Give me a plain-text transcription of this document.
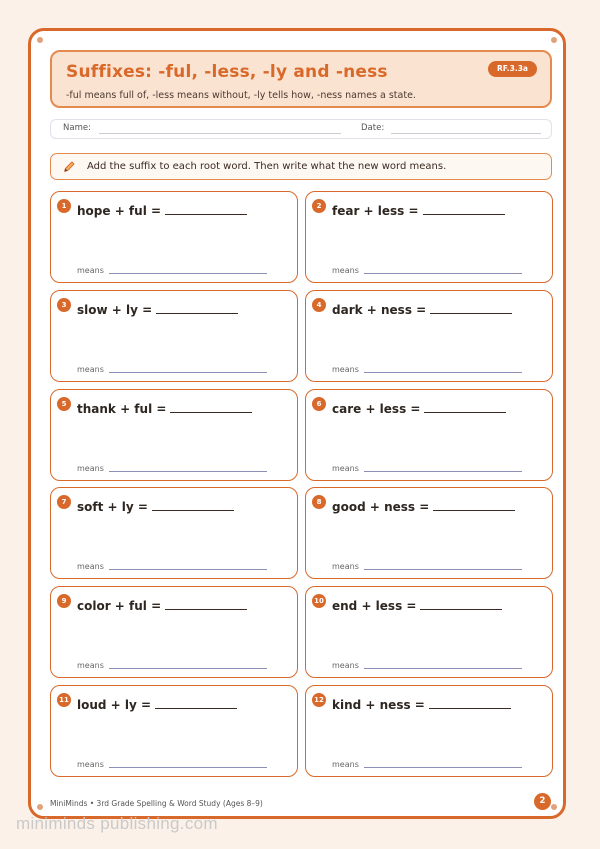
Suffixes: -ful, -less, -ly and -ness

-ful means full of, -less means without, -ly tells how, -ness names a state.

RF.3.3a
Name:	Date:
Add the suffix to each root word. Then write what the new word means.
1 hope + ful =
means
2 fear + less =
means
3 slow + ly =
means
4 dark + ness =
means
5 thank + ful =
means
6 care + less =
means
7 soft + ly =
means
8 good + ness =
means
9 color + ful =
means
10 end + less =
means
11 loud + ly =
means
12 kind + ness =
means
MiniMinds • 3rd Grade Spelling & Word Study (Ages 8–9)	2
miniminds publishing.com
